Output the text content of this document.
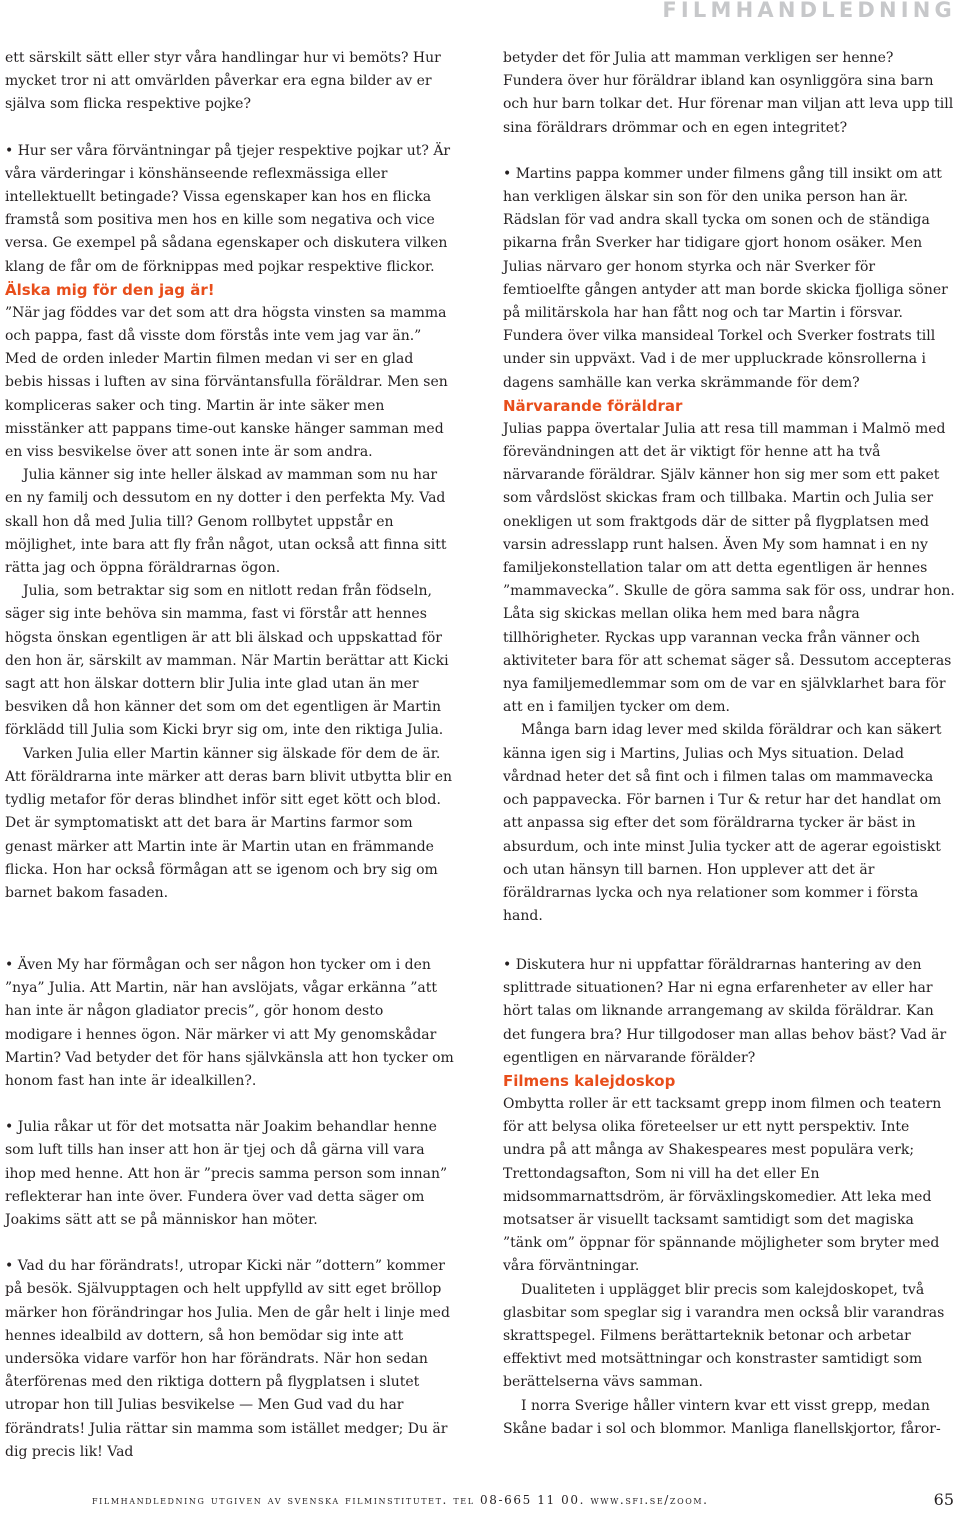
FILMHANDLEDNING

ett särskilt sätt eller styr våra handlingar hur vi bemöts? Hur mycket tror ni att omvärlden påverkar era egna bilder av er själva som flicka respektive pojke?

• Hur ser våra förväntningar på tjejer respektive pojkar ut? Är våra värderingar i könshänseende reflexmässiga eller intellektuellt betingade? Vissa egenskaper kan hos en flicka framstå som positiva men hos en kille som negativa och vice versa. Ge exempel på sådana egenskaper och diskutera vilken klang de får om de förknippas med pojkar respektive flickor.

Älska mig för den jag är!

”När jag föddes var det som att dra högsta vinsten sa mamma och pappa, fast då visste dom förstås inte vem jag var än.” Med de orden inleder Martin filmen medan vi ser en glad bebis hissas i luften av sina förväntansfulla föräldrar. Men sen kompliceras saker och ting. Martin är inte säker men misstänker att pappans time-out kanske hänger samman med en viss besvikelse över att sonen inte är som andra.

Julia känner sig inte heller älskad av mamman som nu har en ny familj och dessutom en ny dotter i den perfekta My. Vad skall hon då med Julia till? Genom rollbytet uppstår en möjlighet, inte bara att fly från något, utan också att finna sitt rätta jag och öppna föräldrarnas ögon.

Julia, som betraktar sig som en nitlott redan från födseln, säger sig inte behöva sin mamma, fast vi förstår att hennes högsta önskan egentligen är att bli älskad och uppskattad för den hon är, särskilt av mamman. När Martin berättar att Kicki sagt att hon älskar dottern blir Julia inte glad utan än mer besviken då hon känner det som om det egentligen är Martin förklädd till Julia som Kicki bryr sig om, inte den riktiga Julia.

Varken Julia eller Martin känner sig älskade för dem de är. Att föräldrarna inte märker att deras barn blivit utbytta blir en tydlig metafor för deras blindhet inför sitt eget kött och blod. Det är symptomatiskt att det bara är Martins farmor som genast märker att Martin inte är Martin utan en främmande flicka. Hon har också förmågan att se igenom och bry sig om barnet bakom fasaden.

• Även My har förmågan och ser någon hon tycker om i den ”nya” Julia. Att Martin, när han avslöjats, vågar erkänna ”att han inte är någon gladiator precis”, gör honom desto modigare i hennes ögon. När märker vi att My genomskådar Martin? Vad betyder det för hans självkänsla att hon tycker om honom fast han inte är idealkillen?.

• Julia råkar ut för det motsatta när Joakim behandlar henne som luft tills han inser att hon är tjej och då gärna vill vara ihop med henne. Att hon är ”precis samma person som innan” reflekterar han inte över. Fundera över vad detta säger om Joakims sätt att se på människor han möter.

• Vad du har förändrats!, utropar Kicki när ”dottern” kommer på besök. Självupptagen och helt uppfylld av sitt eget bröllop märker hon förändringar hos Julia. Men de går helt i linje med hennes idealbild av dottern, så hon bemödar sig inte att undersöka vidare varför hon har förändrats. När hon sedan återförenas med den riktiga dottern på flygplatsen i slutet utropar hon till Julias besvikelse — Men Gud vad du har förändrats! Julia rättar sin mamma som istället medger; Du är dig precis lik! Vad

betyder det för Julia att mamman verkligen ser henne? Fundera över hur föräldrar ibland kan osynliggöra sina barn och hur barn tolkar det. Hur förenar man viljan att leva upp till sina föräldrars drömmar och en egen integritet?

• Martins pappa kommer under filmens gång till insikt om att han verkligen älskar sin son för den unika person han är. Rädslan för vad andra skall tycka om sonen och de ständiga pikarna från Sverker har tidigare gjort honom osäker. Men Julias närvaro ger honom styrka och när Sverker för femtioelfte gången antyder att man borde skicka fjolliga söner på militärskola har han fått nog och tar Martin i försvar. Fundera över vilka mansideal Torkel och Sverker fostrats till under sin uppväxt. Vad i de mer uppluckrade könsrollerna i dagens samhälle kan verka skrämmande för dem?

Närvarande föräldrar

Julias pappa övertalar Julia att resa till mamman i Malmö med förevändningen att det är viktigt för henne att ha två närvarande föräldrar. Själv känner hon sig mer som ett paket som vårdslöst skickas fram och tillbaka. Martin och Julia ser onekligen ut som fraktgods där de sitter på flygplatsen med varsin adresslapp runt halsen. Även My som hamnat i en ny familjekonstellation talar om att detta egentligen är hennes ”mammavecka”. Skulle de göra samma sak för oss, undrar hon. Låta sig skickas mellan olika hem med bara några tillhörigheter. Ryckas upp varannan vecka från vänner och aktiviteter bara för att schemat säger så. Dessutom accepteras nya familjemedlemmar som om de var en självklarhet bara för att en i familjen tycker om dem.

Många barn idag lever med skilda föräldrar och kan säkert känna igen sig i Martins, Julias och Mys situation. Delad vårdnad heter det så fint och i filmen talas om mammavecka och pappavecka. För barnen i Tur & retur har det handlat om att anpassa sig efter det som föräldrarna tycker är bäst in absurdum, och inte minst Julia tycker att de agerar egoistiskt och utan hänsyn till barnen. Hon upplever att det är föräldrarnas lycka och nya relationer som kommer i första hand.

• Diskutera hur ni uppfattar föräldrarnas hantering av den splittrade situationen? Har ni egna erfarenheter av eller har hört talas om liknande arrangemang av skilda föräldrar. Kan det fungera bra? Hur tillgodoser man allas behov bäst? Vad är egentligen en närvarande förälder?

Filmens kalejdoskop

Ombytta roller är ett tacksamt grepp inom filmen och teatern för att belysa olika företeelser ur ett nytt perspektiv. Inte undra på att många av Shakespeares mest populära verk; Trettondagsafton, Som ni vill ha det eller En midsommarnattsdröm, är förväxlingskomedier. Att leka med motsatser är visuellt tacksamt samtidigt som det magiska ”tänk om” öppnar för spännande möjligheter som bryter med våra förväntningar.

Dualiteten i upplägget blir precis som kalejdoskopet, två glasbitar som speglar sig i varandra men också blir varandras skrattspegel. Filmens berättarteknik betonar och arbetar effektivt med motsättningar och konstraster samtidigt som berättelserna vävs samman.

I norra Sverige håller vintern kvar ett visst grepp, medan Skåne badar i sol och blommor. Manliga flanellskjortor, fåror-

filmhandledning utgiven av svenska filminstitutet. tel 08-665 11 00. www.sfi.se/zoom.	65
